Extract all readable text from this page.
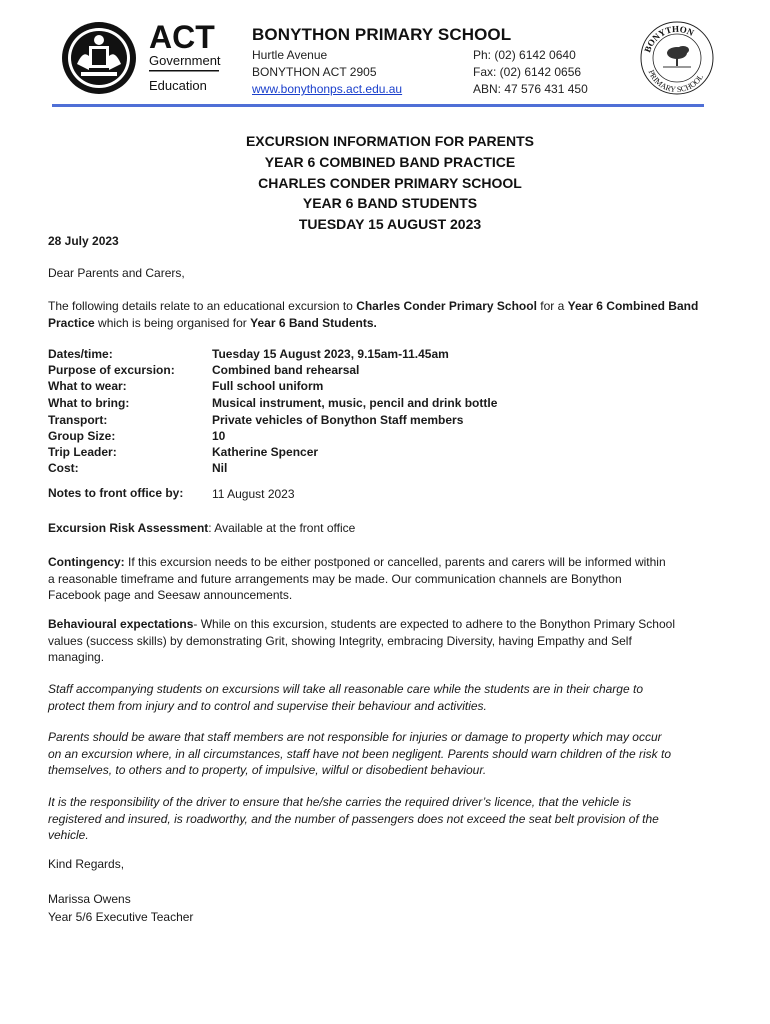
ACT
Government
Education
BONYTHON PRIMARY SCHOOL
Hurtle Avenue
BONYTHON ACT 2905
www.bonythonps.act.edu.au
Ph: (02) 6142 0640
Fax: (02) 6142 0656
ABN: 47 576 431 450
BONYTHON
PRIMARY SCHOOL
EXCURSION INFORMATION FOR PARENTS
YEAR 6 COMBINED BAND PRACTICE
CHARLES CONDER PRIMARY SCHOOL
YEAR 6 BAND STUDENTS
TUESDAY 15 AUGUST 2023
28 July 2023
Dear Parents and Carers,
The following details relate to an educational excursion to Charles Conder Primary School for a Year 6 Combined Band Practice which is being organised for Year 6 Band Students.
Dates/time:	Tuesday 15 August 2023, 9.15am-11.45am
Purpose of excursion:	Combined band rehearsal
What to wear:	Full school uniform
What to bring:	Musical instrument, music, pencil and drink bottle
Transport:	Private vehicles of Bonython Staff members
Group Size:	10
Trip Leader:	Katherine Spencer
Cost:	Nil
Notes to front office by: 11 August 2023
Excursion Risk Assessment: Available at the front office
Contingency: If this excursion needs to be either postponed or cancelled, parents and carers will be informed within
a reasonable timeframe and future arrangements may be made. Our communication channels are Bonython
Facebook page and Seesaw announcements.
Behavioural expectations- While on this excursion, students are expected to adhere to the Bonython Primary School
values (success skills) by demonstrating Grit, showing Integrity, embracing Diversity, having Empathy and Self
managing.
Staff accompanying students on excursions will take all reasonable care while the students are in their charge to
protect them from injury and to control and supervise their behaviour and activities.
Parents should be aware that staff members are not responsible for injuries or damage to property which may occur
on an excursion where, in all circumstances, staff have not been negligent. Parents should warn children of the risk to
themselves, to others and to property, of impulsive, wilful or disobedient behaviour.
It is the responsibility of the driver to ensure that he/she carries the required driver’s licence, that the vehicle is
registered and insured, is roadworthy, and the number of passengers does not exceed the seat belt provision of the
vehicle.
Kind Regards,
Marissa Owens
Year 5/6 Executive Teacher
